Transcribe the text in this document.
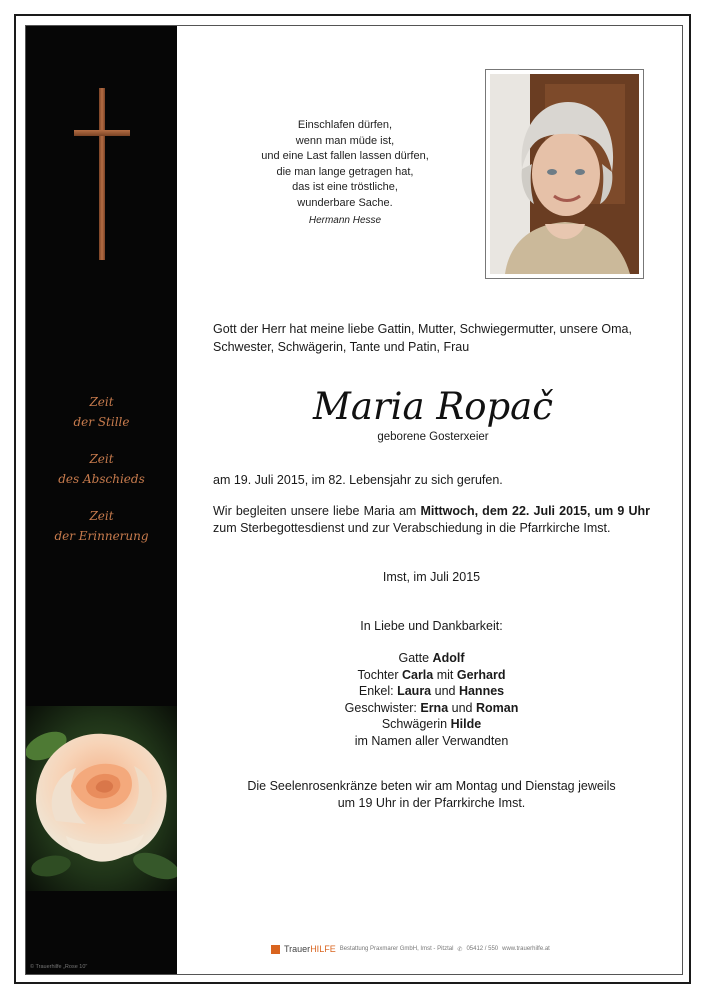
Zeit
der Stille
Zeit
des Abschieds
Zeit
der Erinnerung
© Trauerhilfe „Rose 10"
Einschlafen dürfen,
wenn man müde ist,
und eine Last fallen lassen dürfen,
die man lange getragen hat,
das ist eine tröstliche,
wunderbare Sache.
Hermann Hesse
Gott der Herr hat meine liebe Gattin, Mutter, Schwiegermutter, unsere Oma,
Schwester, Schwägerin, Tante und Patin, Frau
Maria Ropač
geborene Gosterxeier
am 19. Juli 2015, im 82. Lebensjahr zu sich gerufen.
Wir begleiten unsere liebe Maria am Mittwoch, dem 22. Juli 2015, um 9 Uhr zum Sterbegottesdienst und zur Verabschiedung in die Pfarrkirche Imst.
Imst, im Juli 2015
In Liebe und Dankbarkeit:
Gatte Adolf
Tochter Carla mit Gerhard
Enkel: Laura und Hannes
Geschwister: Erna und Roman
Schwägerin Hilde
im Namen aller Verwandten
Die Seelenrosenkränze beten wir am Montag und Dienstag jeweils
um 19 Uhr in der Pfarrkirche Imst.
TrauerHILFE Bestattung Praxmarer GmbH, Imst - Pitztal ✆ 05412 / 550 www.trauerhilfe.at
